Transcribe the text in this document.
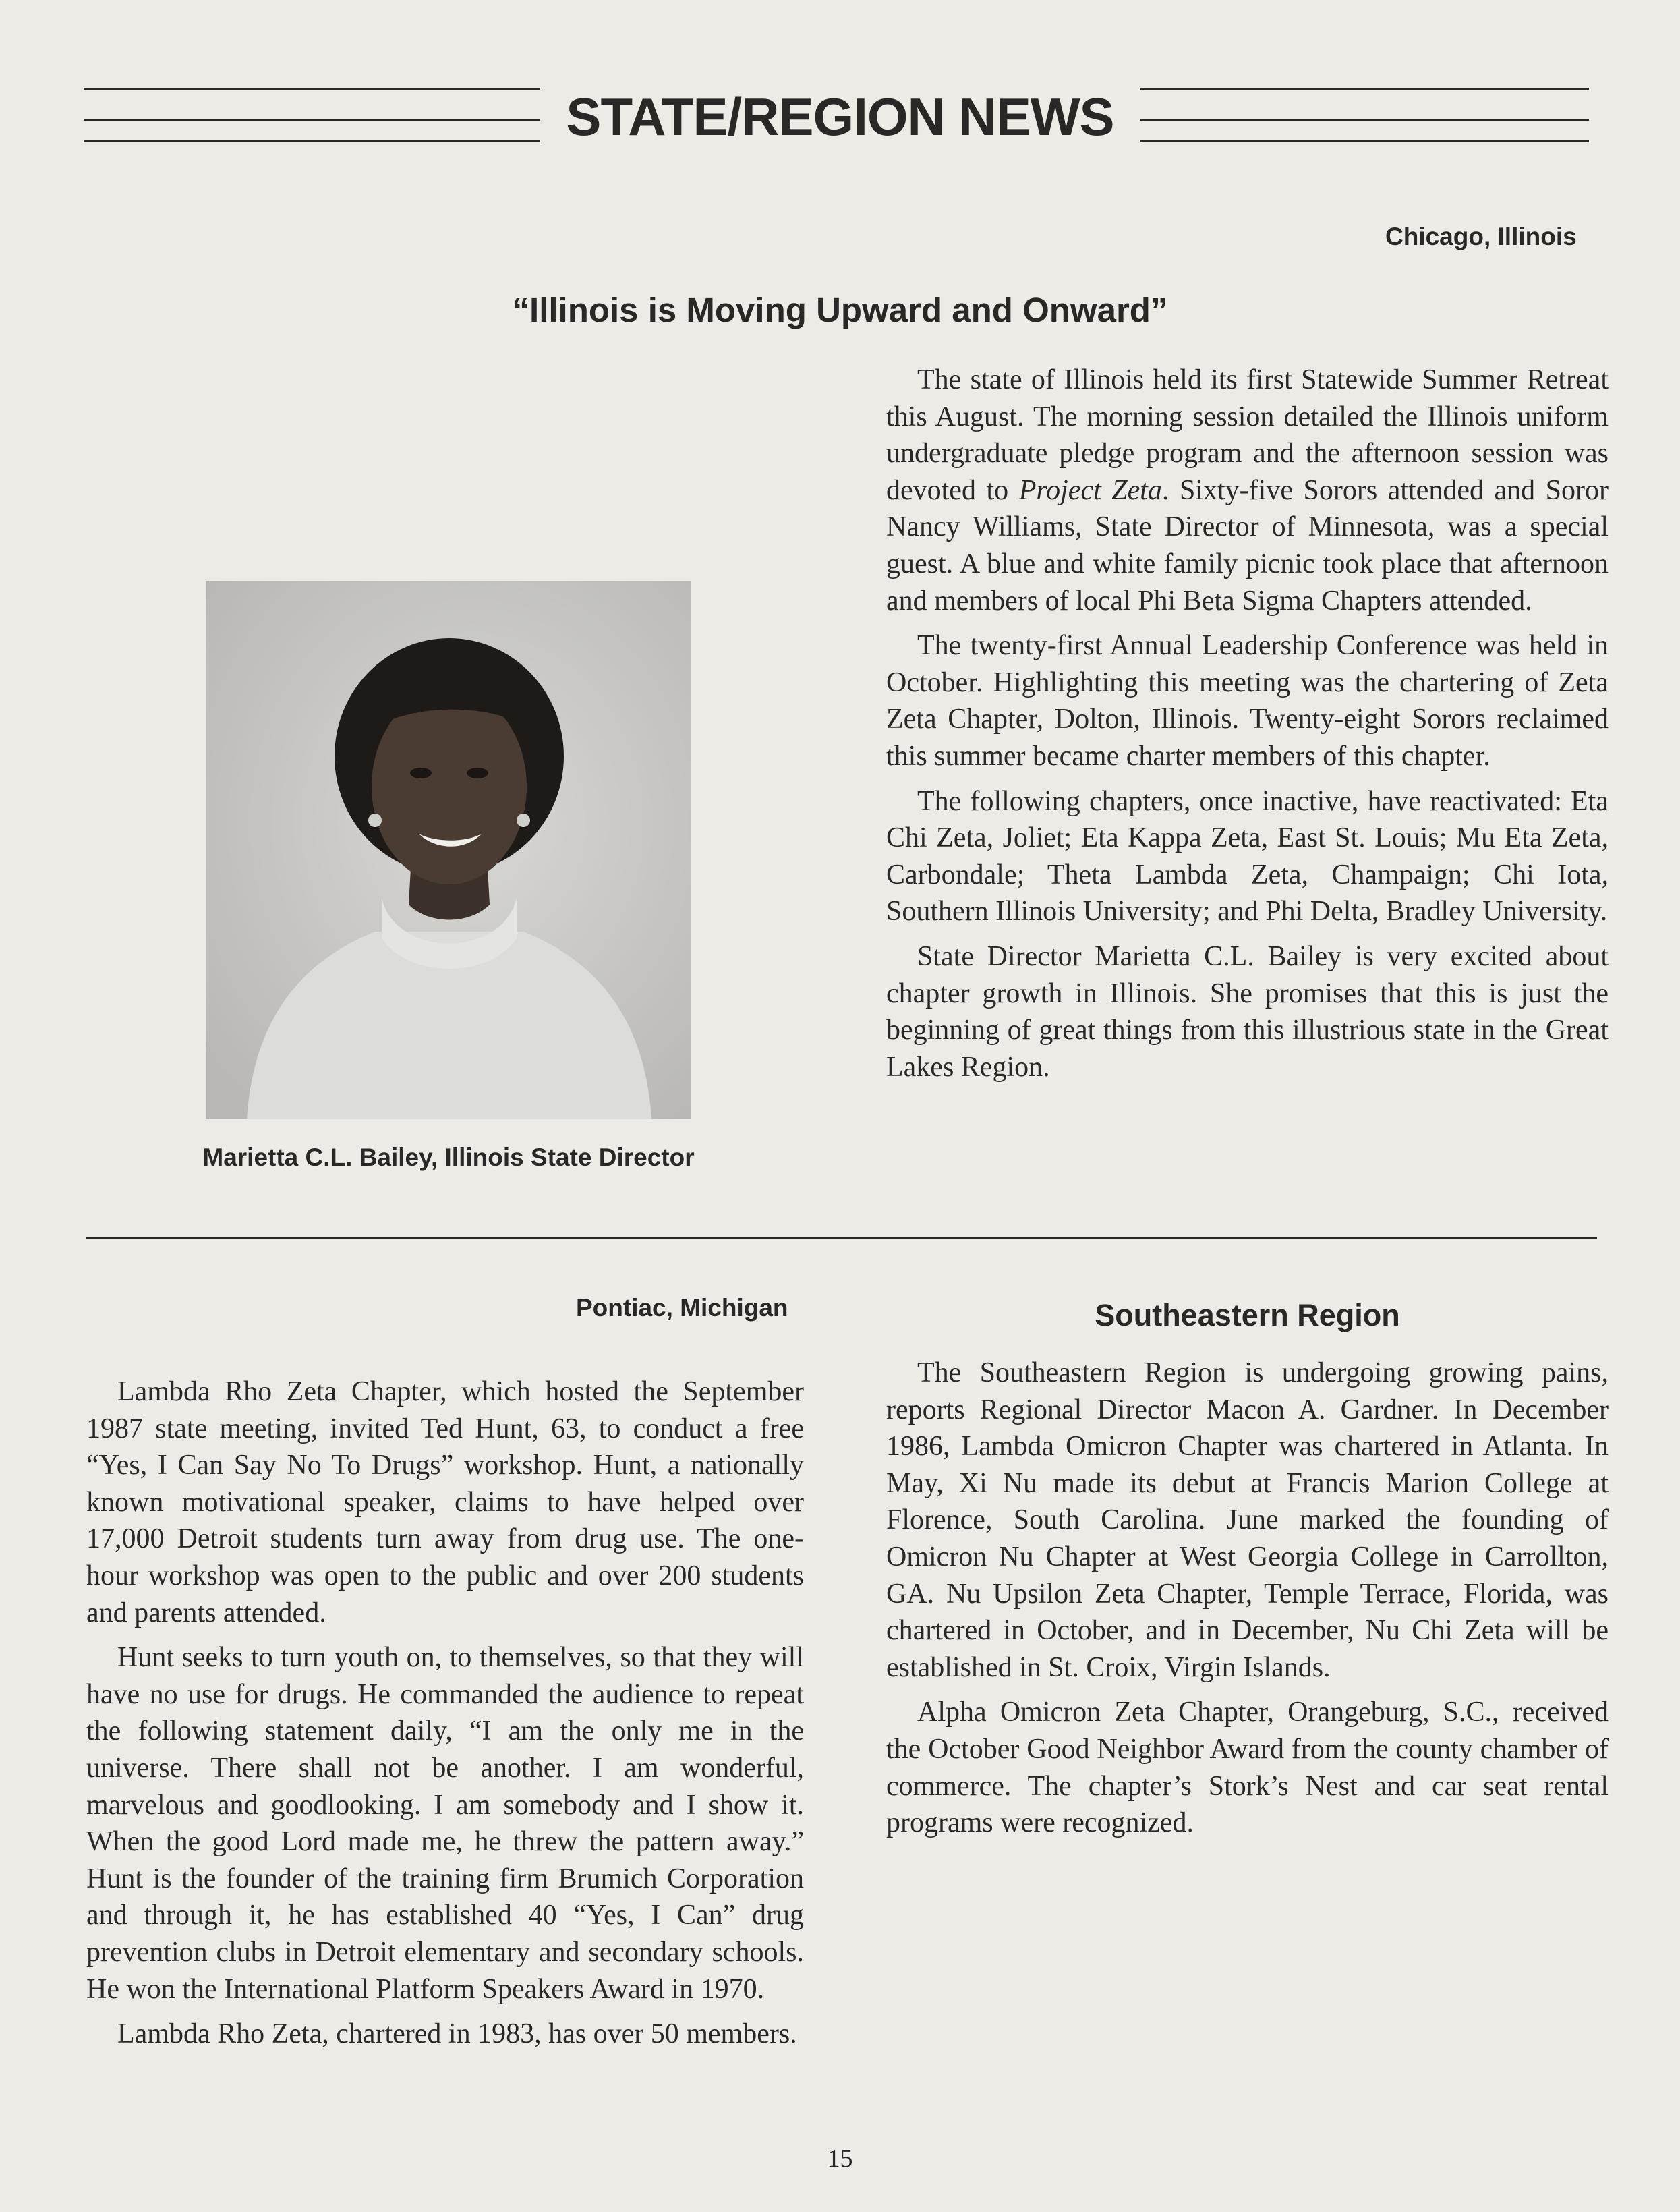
STATE/REGION NEWS
Chicago, Illinois
“Illinois is Moving Upward and Onward”
Marietta C.L. Bailey, Illinois State Director

The state of Illinois held its first Statewide Summer Retreat this August. The morning session detailed the Illinois uniform undergraduate pledge program and the afternoon session was devoted to Project Zeta. Sixty-five Sorors attended and Soror Nancy Williams, State Director of Minnesota, was a special guest. A blue and white family picnic took place that afternoon and members of local Phi Beta Sigma Chapters attended.

The twenty-first Annual Leadership Conference was held in October. Highlighting this meeting was the chartering of Zeta Zeta Chapter, Dolton, Illinois. Twenty-eight Sorors reclaimed this summer became charter members of this chapter.

The following chapters, once inactive, have reactivated: Eta Chi Zeta, Joliet; Eta Kappa Zeta, East St. Louis; Mu Eta Zeta, Carbondale; Theta Lambda Zeta, Champaign; Chi Iota, Southern Illinois University; and Phi Delta, Bradley University.

State Director Marietta C.L. Bailey is very excited about chapter growth in Illinois. She promises that this is just the beginning of great things from this illustrious state in the Great Lakes Region.

Pontiac, Michigan

Lambda Rho Zeta Chapter, which hosted the September 1987 state meeting, invited Ted Hunt, 63, to conduct a free “Yes, I Can Say No To Drugs” workshop. Hunt, a nationally known motivational speaker, claims to have helped over 17,000 Detroit students turn away from drug use. The one-hour workshop was open to the public and over 200 students and parents attended.

Hunt seeks to turn youth on, to themselves, so that they will have no use for drugs. He commanded the audience to repeat the following statement daily, “I am the only me in the universe. There shall not be another. I am wonderful, marvelous and goodlooking. I am somebody and I show it. When the good Lord made me, he threw the pattern away.” Hunt is the founder of the training firm Brumich Corporation and through it, he has established 40 “Yes, I Can” drug prevention clubs in Detroit elementary and secondary schools. He won the International Platform Speakers Award in 1970.

Lambda Rho Zeta, chartered in 1983, has over 50 members.

Southeastern Region

The Southeastern Region is undergoing growing pains, reports Regional Director Macon A. Gardner. In December 1986, Lambda Omicron Chapter was chartered in Atlanta. In May, Xi Nu made its debut at Francis Marion College at Florence, South Carolina. June marked the founding of Omicron Nu Chapter at West Georgia College in Carrollton, GA. Nu Upsilon Zeta Chapter, Temple Terrace, Florida, was chartered in October, and in December, Nu Chi Zeta will be established in St. Croix, Virgin Islands.

Alpha Omicron Zeta Chapter, Orangeburg, S.C., received the October Good Neighbor Award from the county chamber of commerce. The chapter’s Stork’s Nest and car seat rental programs were recognized.

15
